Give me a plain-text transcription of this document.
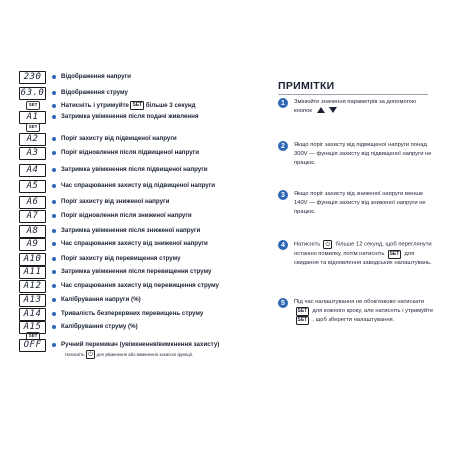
230	Відображення напруги
63.0	Відображення струму
SET	Натисніть і утримуйте SET більше 3 секунд
A1	Затримка увімкнення після подачі живлення
SET
A2	Поріг захисту від підвищеної напруги
A3	Поріг відновлення після підвищеної напруги
A4	Затримка увімкнення після підвищеної напруги
A5	Час спрацювання захисту від підвищеної напруги
A6	Поріг захисту від зниженої напруги
A7	Поріг відновлення після зниженої напруги
A8	Затримка увімкнення після зниженої напруги
A9	Час спрацювання захисту від зниженої напруги
A10	Поріг захисту від перевищення струму
A11	Затримка увімкнення після перевищення струму
A12	Час спрацювання захисту від перевищення струму
A13	Калібрування напруги (%)
A14	Тривалість безперервних перевищень струму
A15	Калібрування струму (%)
SET
OFF	Ручний перемикач (увімкнення/вимкнення захисту)
Натисніть ⏻ для увімкнення або вимкнення захисної функції.
ПРИМІТКИ
1	Змінюйте значення параметрів за допомогою кнопок
2	Якщо поріг захисту від підвищеної напруги понад 300V — функція захисту від підвищеної напруги не працює.
3	Якщо поріг захисту від зниженої напруги менше 140V — функція захисту від зниженої напруги не працює.
4	Натисніть ⏻ більше 12 секунд, щоб переглянути останню помилку, потім натисніть SET для скидання та відновлення заводських налаштувань.
5	Під час налаштування не обов'язково натискати SET для кожного кроку, але натисніть і утримуйте SET , щоб зберегти налаштування.
